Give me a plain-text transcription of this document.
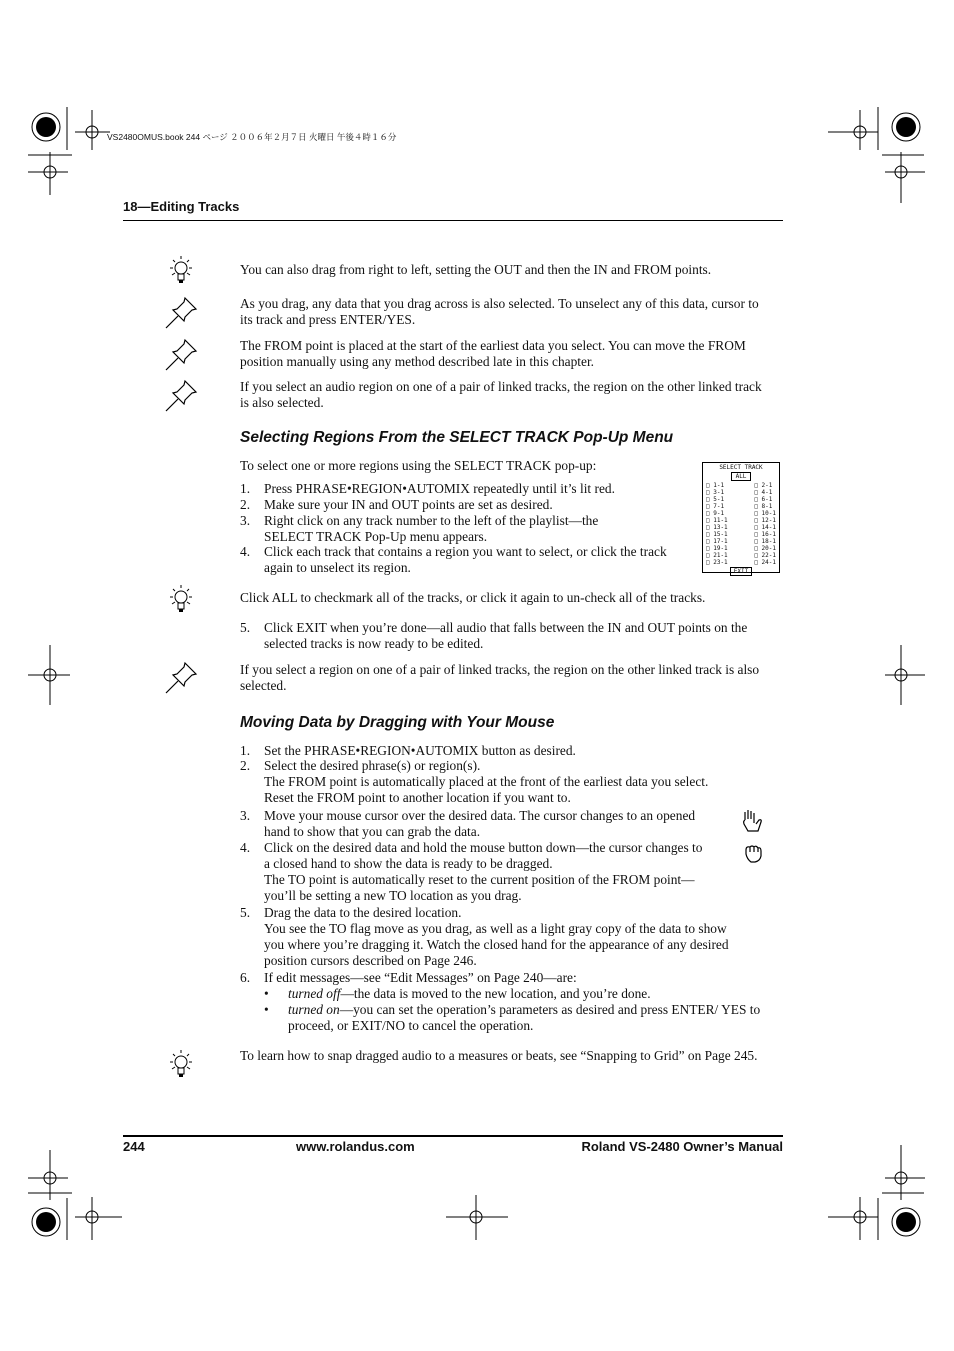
VS2480OMUS.book 244 ページ ２００６年２月７日 火曜日 午後４時１６分
18—Editing Tracks
You can also drag from right to left, setting the OUT and then the IN and FROM points.
As you drag, any data that you drag across is also selected. To unselect any of this data, cursor to its track and press ENTER/YES.
The FROM point is placed at the start of the earliest data you select. You can move the FROM position manually using any method described late in this chapter.
If you select an audio region on one of a pair of linked tracks, the region on the other linked track is also selected.
Selecting Regions From the SELECT TRACK Pop-Up Menu
To select one or more regions using the SELECT TRACK pop-up:
1. Press PHRASE•REGION•AUTOMIX repeatedly until it’s lit red.
2. Make sure your IN and OUT points are set as desired.
3. Right click on any track number to the left of the playlist—the SELECT TRACK Pop-Up menu appears.
4. Click each track that contains a region you want to select, or click the track again to unselect its region.
SELECT TRACK
ALL
□ 1-1
□ 3-1
□ 5-1
□ 7-1
□ 9-1
□ 11-1
□ 13-1
□ 15-1
□ 17-1
□ 19-1
□ 21-1
□ 23-1
□ 2-1
□ 4-1
□ 6-1
□ 8-1
□ 10-1
□ 12-1
□ 14-1
□ 16-1
□ 18-1
□ 20-1
□ 22-1
□ 24-1
EXIT
Click ALL to checkmark all of the tracks, or click it again to un-check all of the tracks.
5. Click EXIT when you’re done—all audio that falls between the IN and OUT points on the selected tracks is now ready to be edited.
If you select a region on one of a pair of linked tracks, the region on the other linked track is also selected.
Moving Data by Dragging with Your Mouse
1. Set the PHRASE•REGION•AUTOMIX button as desired.
2. Select the desired phrase(s) or region(s).
The FROM point is automatically placed at the front of the earliest data you select. Reset the FROM point to another location if you want to.
3. Move your mouse cursor over the desired data. The cursor changes to an opened hand to show that you can grab the data.
4. Click on the desired data and hold the mouse button down—the cursor changes to a closed hand to show the data is ready to be dragged.
The TO point is automatically reset to the current position of the FROM point—you’ll be setting a new TO location as you drag.
5. Drag the data to the desired location.
You see the TO flag move as you drag, as well as a light gray copy of the data to show you where you’re dragging it. Watch the closed hand for the appearance of any desired position cursors described on Page 246.
6. If edit messages—see “Edit Messages” on Page 240—are:
• turned off—the data is moved to the new location, and you’re done.
• turned on—you can set the operation’s parameters as desired and press ENTER/ YES to proceed, or EXIT/NO to cancel the operation.
To learn how to snap dragged audio to a measures or beats, see “Snapping to Grid” on Page 245.
244	www.rolandus.com	Roland VS-2480 Owner’s Manual
